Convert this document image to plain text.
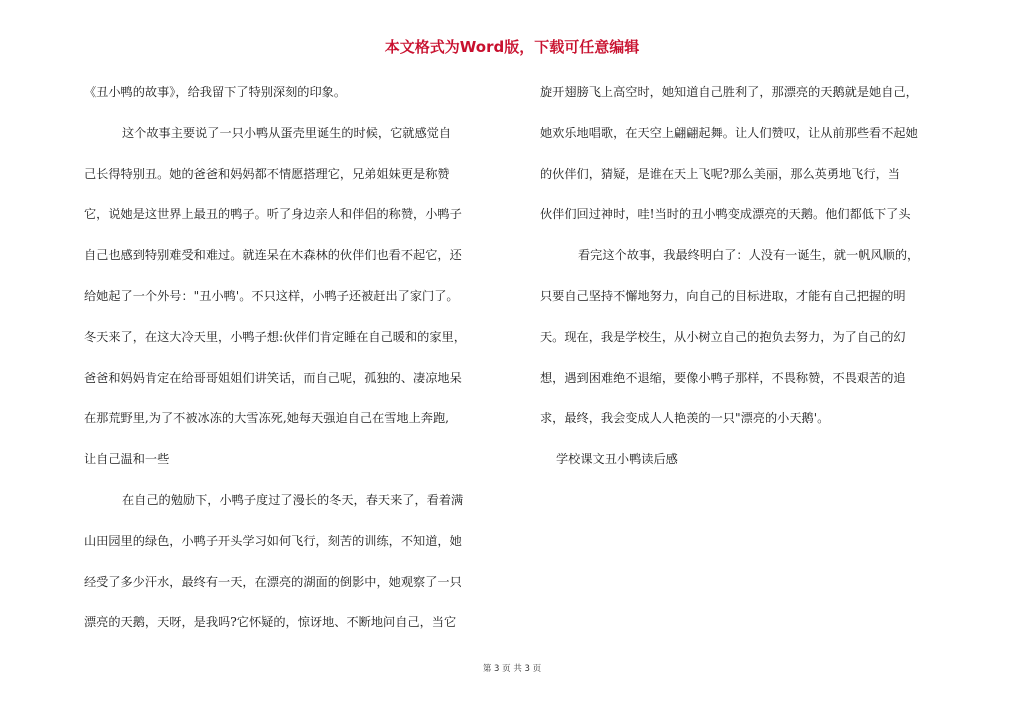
本文格式为Word版，下载可任意编辑
《丑小鸭的故事》，给我留下了特别深刻的印象。
这个故事主要说了一只小鸭从蛋壳里诞生的时候，它就感觉自
己长得特别丑。她的爸爸和妈妈都不情愿搭理它，兄弟姐妹更是称赞
它，说她是这世界上最丑的鸭子。听了身边亲人和伴侣的称赞，小鸭子
自己也感到特别难受和难过。就连呆在木森林的伙伴们也看不起它，还
给她起了一个外号："丑小鸭'。不只这样，小鸭子还被赶出了家门了。
冬天来了，在这大冷天里，小鸭子想:伙伴们肯定睡在自己暖和的家里，
爸爸和妈妈肯定在给哥哥姐姐们讲笑话，而自己呢，孤独的、凄凉地呆
在那荒野里,为了不被冰冻的大雪冻死,她每天强迫自己在雪地上奔跑,
让自己温和一些
在自己的勉励下，小鸭子度过了漫长的冬天，春天来了，看着满
山田园里的绿色，小鸭子开头学习如何飞行，刻苦的训练，不知道，她
经受了多少汗水，最终有一天，在漂亮的湖面的倒影中，她观察了一只
漂亮的天鹅，天呀，是我吗?它怀疑的，惊讶地、不断地问自己，当它
旋开翅膀飞上高空时，她知道自己胜利了，那漂亮的天鹅就是她自己，
她欢乐地唱歌，在天空上翩翩起舞。让人们赞叹，让从前那些看不起她
的伙伴们，猜疑，是谁在天上飞呢?那么美丽，那么英勇地飞行，当
伙伴们回过神时，哇!当时的丑小鸭变成漂亮的天鹅。他们都低下了头
看完这个故事，我最终明白了：人没有一诞生，就一帆风顺的，
只要自己坚持不懈地努力，向自己的目标进取，才能有自己把握的明
天。现在，我是学校生，从小树立自己的抱负去努力，为了自己的幻
想，遇到困难绝不退缩，要像小鸭子那样，不畏称赞，不畏艰苦的追
求，最终，我会变成人人艳羡的一只"漂亮的小天鹅'。
学校课文丑小鸭读后感
第 3 页 共 3 页
